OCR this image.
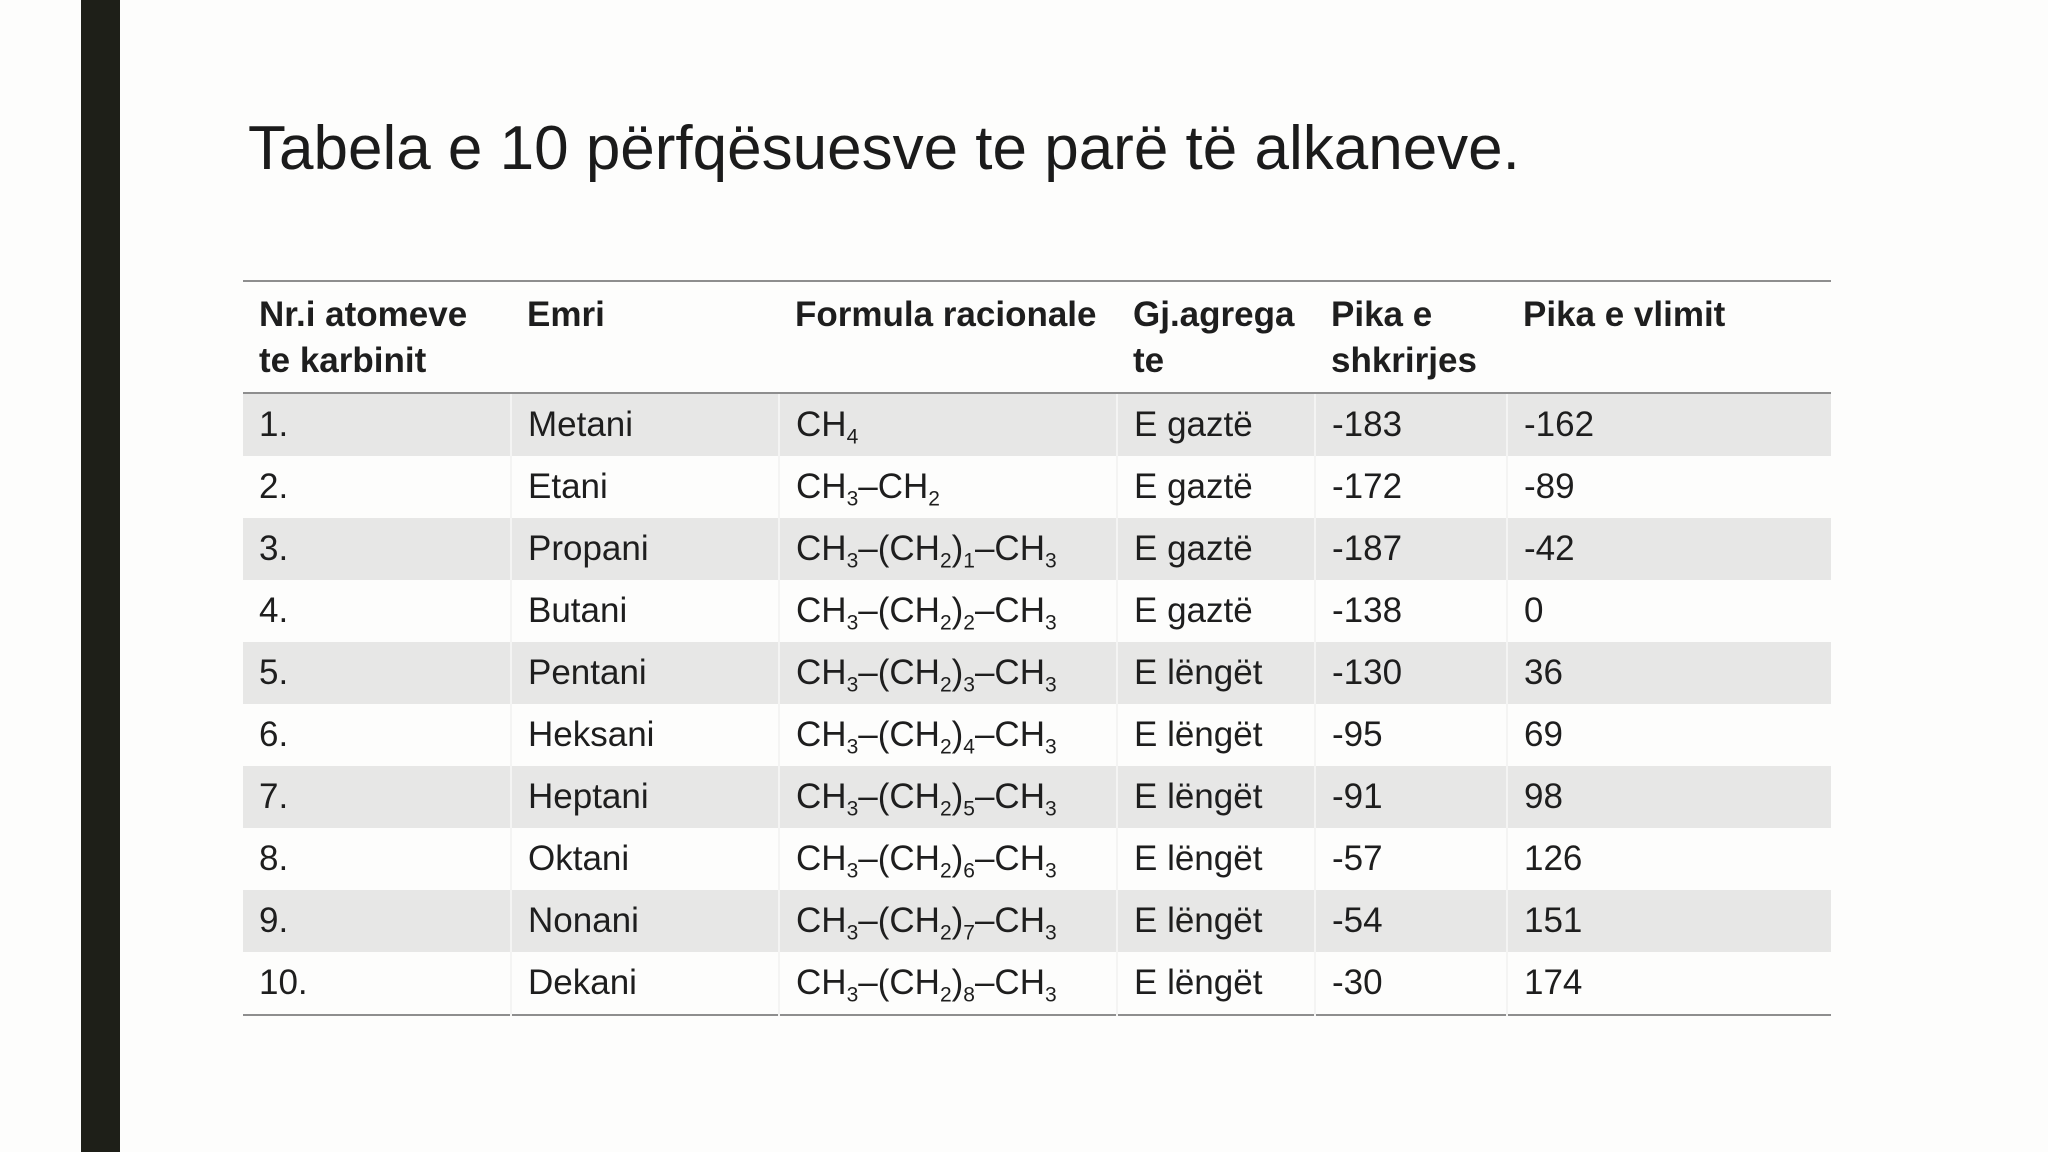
Tabela e 10 përfqësuesve te parë të alkaneve.
Nr.i atomeve te karbinit	Emri	Formula racionale	Gj.agrega te	Pika e shkrirjes	Pika e vlimit
1.	Metani	$CH_4$	E gaztë	-183	-162
2.	Etani	$CH_3-CH_2$	E gaztë	-172	-89
3.	Propani	$CH_3-(CH_2)_1-CH_3$	E gaztë	-187	-42
4.	Butani	$CH_3-(CH_2)_2-CH_3$	E gaztë	-138	0
5.	Pentani	$CH_3-(CH_2)_3-CH_3$	E lëngët	-130	36
6.	Heksani	$CH_3-(CH_2)_4-CH_3$	E lëngët	-95	69
7.	Heptani	$CH_3-(CH_2)_5-CH_3$	E lëngët	-91	98
8.	Oktani	$CH_3-(CH_2)_6-CH_3$	E lëngët	-57	126
9.	Nonani	$CH_3-(CH_2)_7-CH_3$	E lëngët	-54	151
10.	Dekani	$CH_3-(CH_2)_8-CH_3$	E lëngët	-30	174
